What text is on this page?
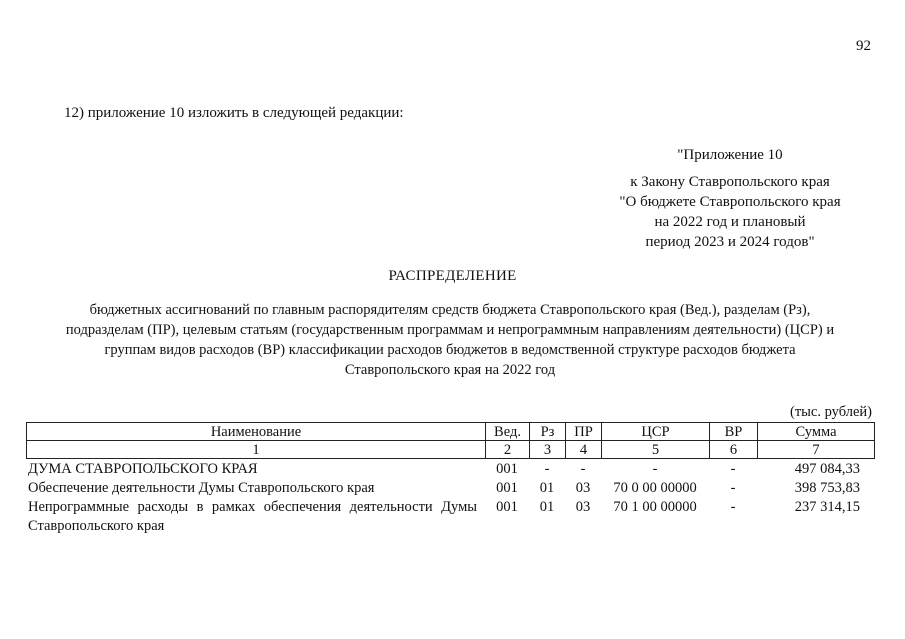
92
12) приложение 10 изложить в следующей редакции:
"Приложение 10
к Закону Ставропольского края
"О бюджете Ставропольского края
на 2022 год и плановый
период 2023 и 2024 годов"
РАСПРЕДЕЛЕНИЕ
бюджетных ассигнований по главным распорядителям средств бюджета Ставропольского края (Вед.), разделам (Рз),
подразделам (ПР), целевым статьям (государственным программам и непрограммным направлениям деятельности) (ЦСР) и
группам видов расходов (ВР) классификации расходов бюджетов в ведомственной структуре расходов бюджета
Ставропольского края на 2022 год
(тыс. рублей)
Наименование	Вед.	Рз	ПР	ЦСР	ВР	Сумма
1	2	3	4	5	6	7
ДУМА СТАВРОПОЛЬСКОГО КРАЯ	001	-	-	-	-	497 084,33
Обеспечение деятельности Думы Ставропольского края	001	01	03	70 0 00 00000	-	398 753,83
Непрограммные расходы в рамках обеспечения деятельности Думы Ставропольского края	001	01	03	70 1 00 00000	-	237 314,15
